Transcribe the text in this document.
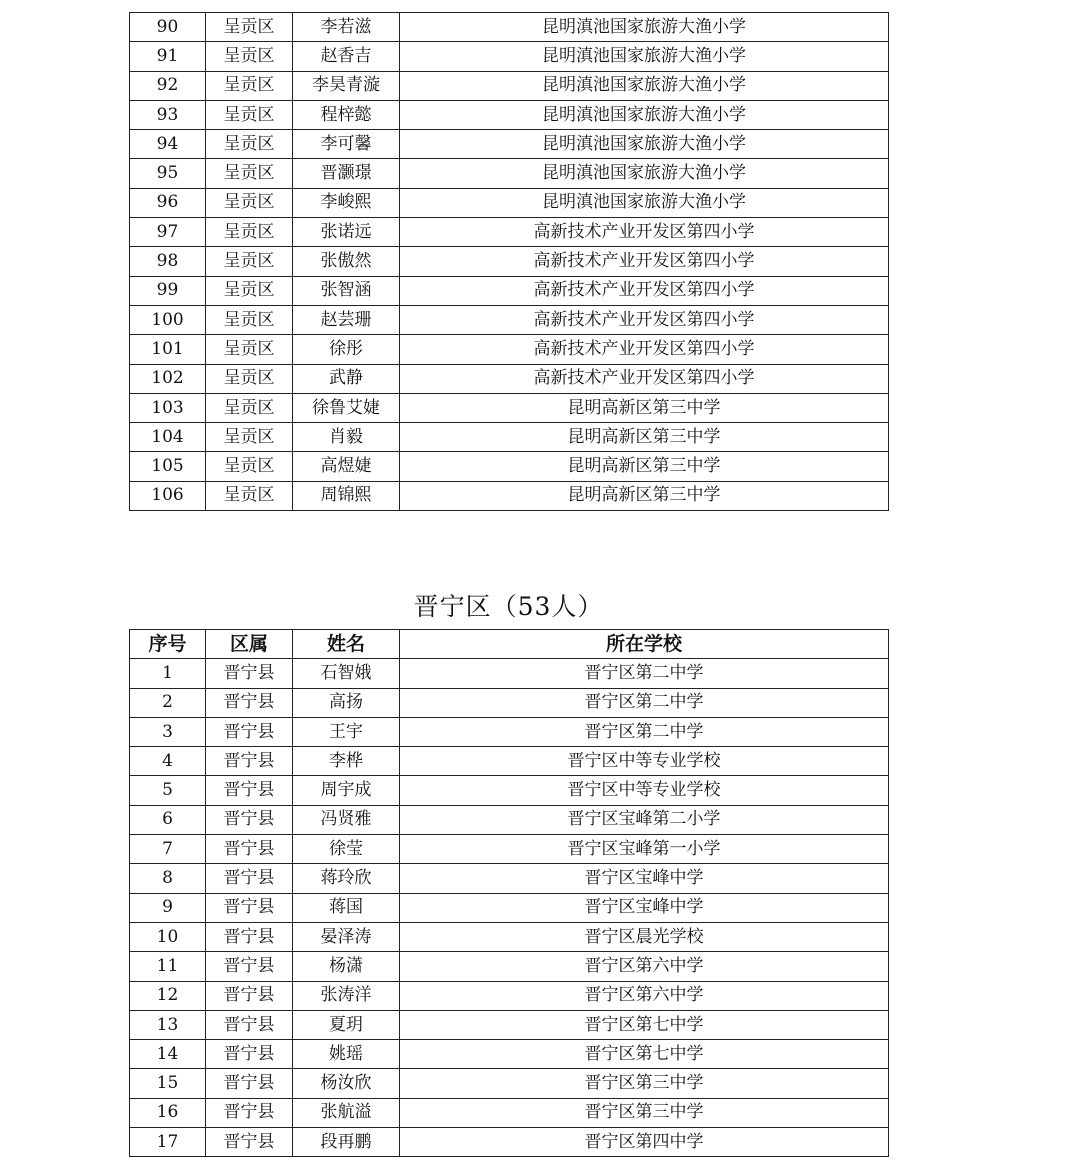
90	呈贡区	李若滋	昆明滇池国家旅游大渔小学
91	呈贡区	赵香吉	昆明滇池国家旅游大渔小学
92	呈贡区	李昊青漩	昆明滇池国家旅游大渔小学
93	呈贡区	程梓懿	昆明滇池国家旅游大渔小学
94	呈贡区	李可馨	昆明滇池国家旅游大渔小学
95	呈贡区	晋灏璟	昆明滇池国家旅游大渔小学
96	呈贡区	李峻熙	昆明滇池国家旅游大渔小学
97	呈贡区	张诺远	高新技术产业开发区第四小学
98	呈贡区	张傲然	高新技术产业开发区第四小学
99	呈贡区	张智涵	高新技术产业开发区第四小学
100	呈贡区	赵芸珊	高新技术产业开发区第四小学
101	呈贡区	徐彤	高新技术产业开发区第四小学
102	呈贡区	武静	高新技术产业开发区第四小学
103	呈贡区	徐鲁艾婕	昆明高新区第三中学
104	呈贡区	肖毅	昆明高新区第三中学
105	呈贡区	高煜婕	昆明高新区第三中学
106	呈贡区	周锦熙	昆明高新区第三中学
晋宁区（53人）
序号	区属	姓名	所在学校
1	晋宁县	石智娥	晋宁区第二中学
2	晋宁县	高扬	晋宁区第二中学
3	晋宁县	王宇	晋宁区第二中学
4	晋宁县	李桦	晋宁区中等专业学校
5	晋宁县	周宇成	晋宁区中等专业学校
6	晋宁县	冯贤雅	晋宁区宝峰第二小学
7	晋宁县	徐莹	晋宁区宝峰第一小学
8	晋宁县	蒋玲欣	晋宁区宝峰中学
9	晋宁县	蒋国	晋宁区宝峰中学
10	晋宁县	晏泽涛	晋宁区晨光学校
11	晋宁县	杨潇	晋宁区第六中学
12	晋宁县	张涛洋	晋宁区第六中学
13	晋宁县	夏玥	晋宁区第七中学
14	晋宁县	姚瑶	晋宁区第七中学
15	晋宁县	杨汝欣	晋宁区第三中学
16	晋宁县	张航溢	晋宁区第三中学
17	晋宁县	段再鹏	晋宁区第四中学
